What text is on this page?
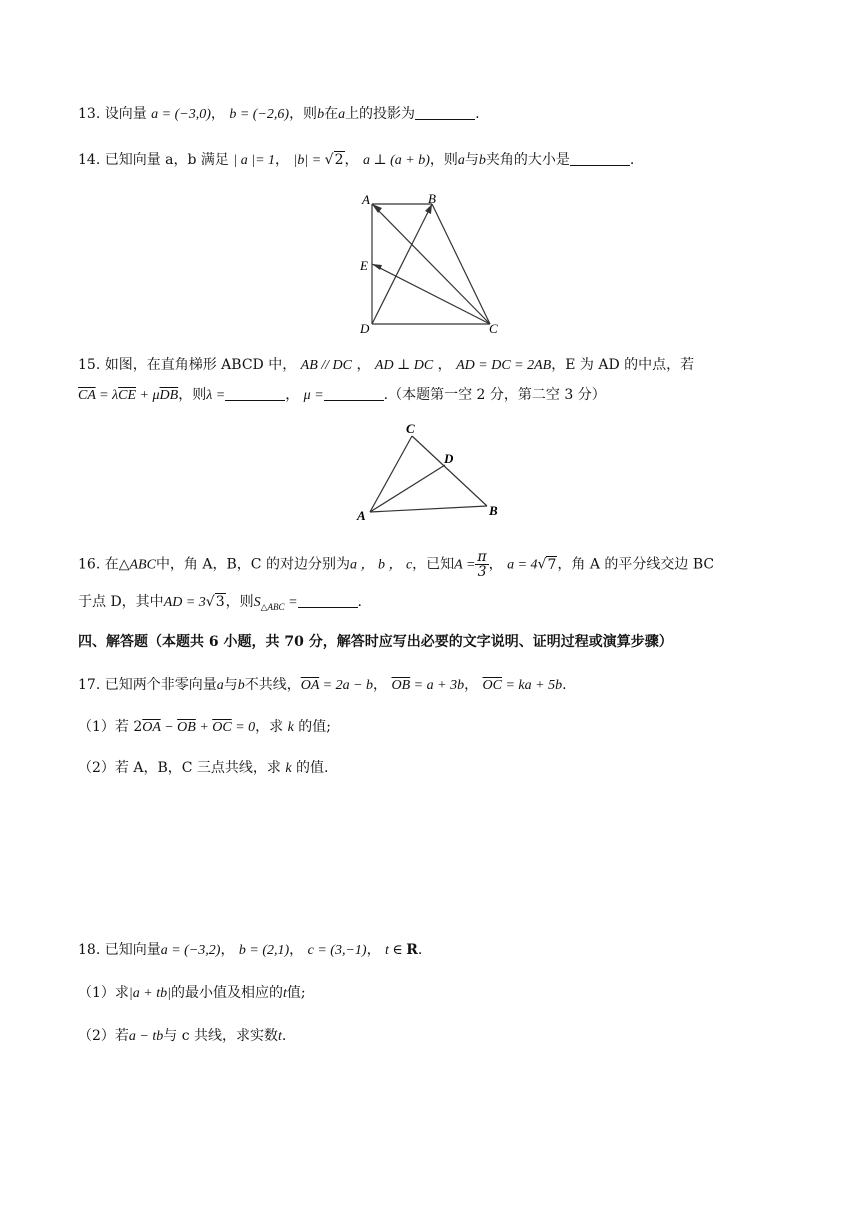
13. 设向量 a = (−3,0)， b = (−2,6)，则b在a上的投影为	.
14. 已知向量 a，b 满足 | a |= 1， |b| = √2， a ⊥ (a + b)，则a与b夹角的大小是	.
A	B
E
D	C
15. 如图，在直角梯形 ABCD 中， AB // DC ， AD ⊥ DC ， AD = DC = 2AB，E 为 AD 的中点，若
$\overline{CA} = \lambda\overline{CE} + \mu\overline{DB}$，则λ =	， μ =	.（本题第一空 2 分，第二空 3 分）
C
D
A	B
16. 在△ABC中，角 A，B，C 的对边分别为a ， b ， c，已知$A = \frac{\pi}{3}$ ， a = 4√7，角 A 的平分线交边 BC
于点 D，其中AD = 3√3，则$S_{\triangle ABC}$ =	.
四、解答题（本题共 6 小题，共 70 分，解答时应写出必要的文字说明、证明过程或演算步骤）
17. 已知两个非零向量a与b不共线，$\overline{OA} = 2a - b$， $\overline{OB} = a + 3b$， $\overline{OC}$ = ka + 5b.
（1）若 $2\overline{OA} - \overline{OB} + \overline{OC} = 0$，求 k 的值;
（2）若 A，B，C 三点共线，求 k 的值.
18. 已知向量a = (−3,2)， b = (2,1)， c = (3,−1)， t ∈ R.
（1）求|a + tb|的最小值及相应的t值;
（2）若a − tb与 c 共线，求实数t.
